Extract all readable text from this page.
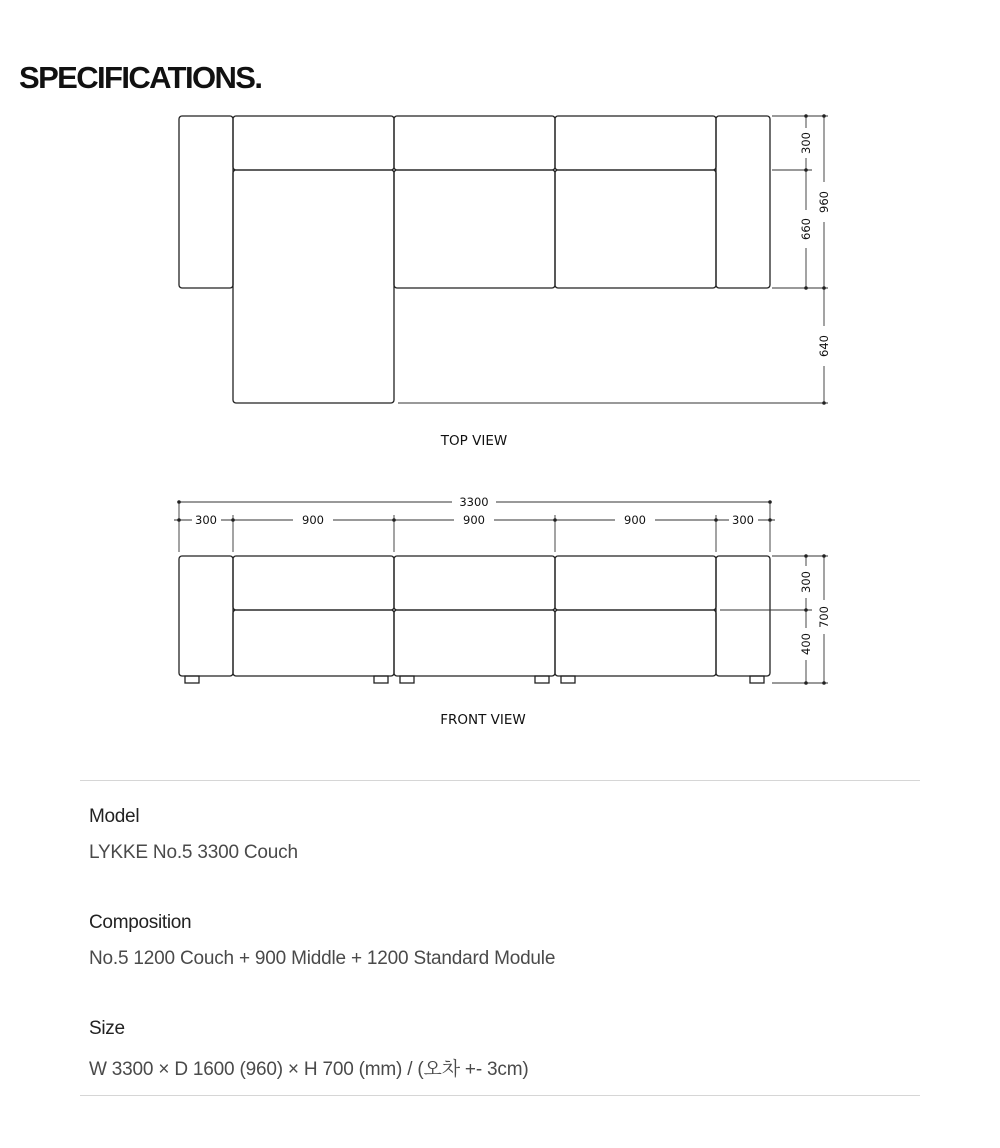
SPECIFICATIONS.
300
660
960
640
TOP VIEW
3300
300	900	900	900	300
300
400
700
FRONT VIEW
Model
LYKKE No.5 3300 Couch
Composition
No.5 1200 Couch + 900 Middle + 1200 Standard Module
Size
W 3300 × D 1600 (960) × H 700 (mm) / (오차 +- 3cm)
